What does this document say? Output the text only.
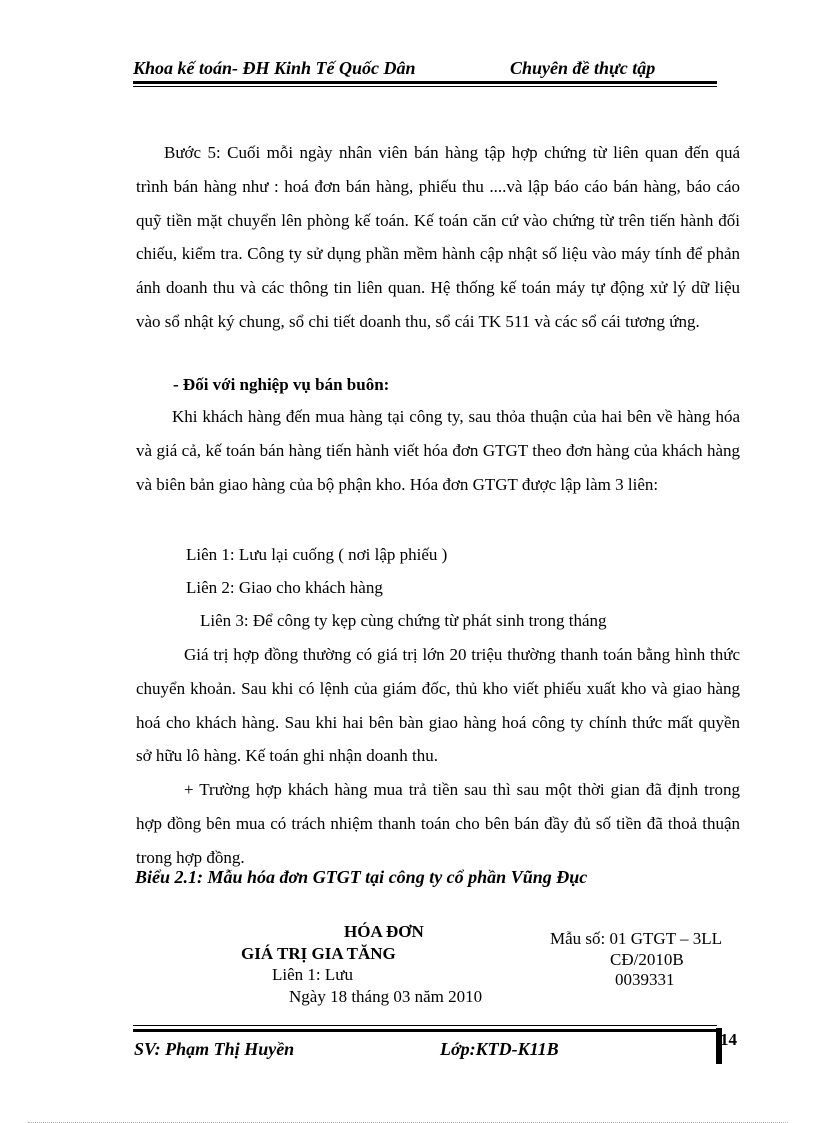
Khoa kế toán- ĐH Kinh Tế Quốc Dân	Chuyên đề thực tập
Bước 5: Cuối mỗi ngày nhân viên bán hàng tập hợp chứng từ liên quan đến quá trình bán hàng như : hoá đơn bán hàng, phiếu thu ....và lập báo cáo bán hàng, báo cáo quỹ tiền mặt chuyển lên phòng kế toán. Kế toán căn cứ vào chứng từ trên tiến hành đối chiếu, kiểm tra. Công ty sử dụng phần mềm hành cập nhật số liệu vào máy tính để phản ánh doanh thu và các thông tin liên quan. Hệ thống kế toán máy tự động xử lý dữ liệu vào sổ nhật ký chung, sổ chi tiết doanh thu, sổ cái TK 511 và các sổ cái tương ứng.
- Đối với nghiệp vụ bán buôn:
Khi khách hàng đến mua hàng tại công ty, sau thỏa thuận của hai bên về hàng hóa và giá cả, kế toán bán hàng tiến hành viết hóa đơn GTGT theo đơn hàng của khách hàng và biên bản giao hàng của bộ phận kho. Hóa đơn GTGT được lập làm 3 liên:
Liên 1: Lưu lại cuống ( nơi lập phiếu )
Liên 2: Giao cho khách hàng
Liên 3: Để công ty kẹp cùng chứng từ phát sinh trong tháng
Giá trị hợp đồng thường có giá trị lớn 20 triệu thường thanh toán bằng hình thức chuyển khoản. Sau khi có lệnh của giám đốc, thủ kho viết phiếu xuất kho và giao hàng hoá cho khách hàng. Sau khi hai bên bàn giao hàng hoá công ty chính thức mất quyền sở hữu lô hàng. Kế toán ghi nhận doanh thu.
+ Trường hợp khách hàng mua trả tiền sau thì sau một thời gian đã định trong hợp đồng bên mua có trách nhiệm thanh toán cho bên bán đầy đủ số tiền đã thoả thuận trong hợp đồng.
Biểu 2.1: Mẫu hóa đơn GTGT tại công ty cổ phần Vũng Đục
HÓA ĐƠN
GIÁ TRỊ GIA TĂNG
Liên 1: Lưu
Ngày 18 tháng 03 năm 2010
Mẫu số: 01 GTGT – 3LL
CĐ/2010B
0039331
SV: Phạm Thị Huyền	Lớp:KTD-K11B	14
